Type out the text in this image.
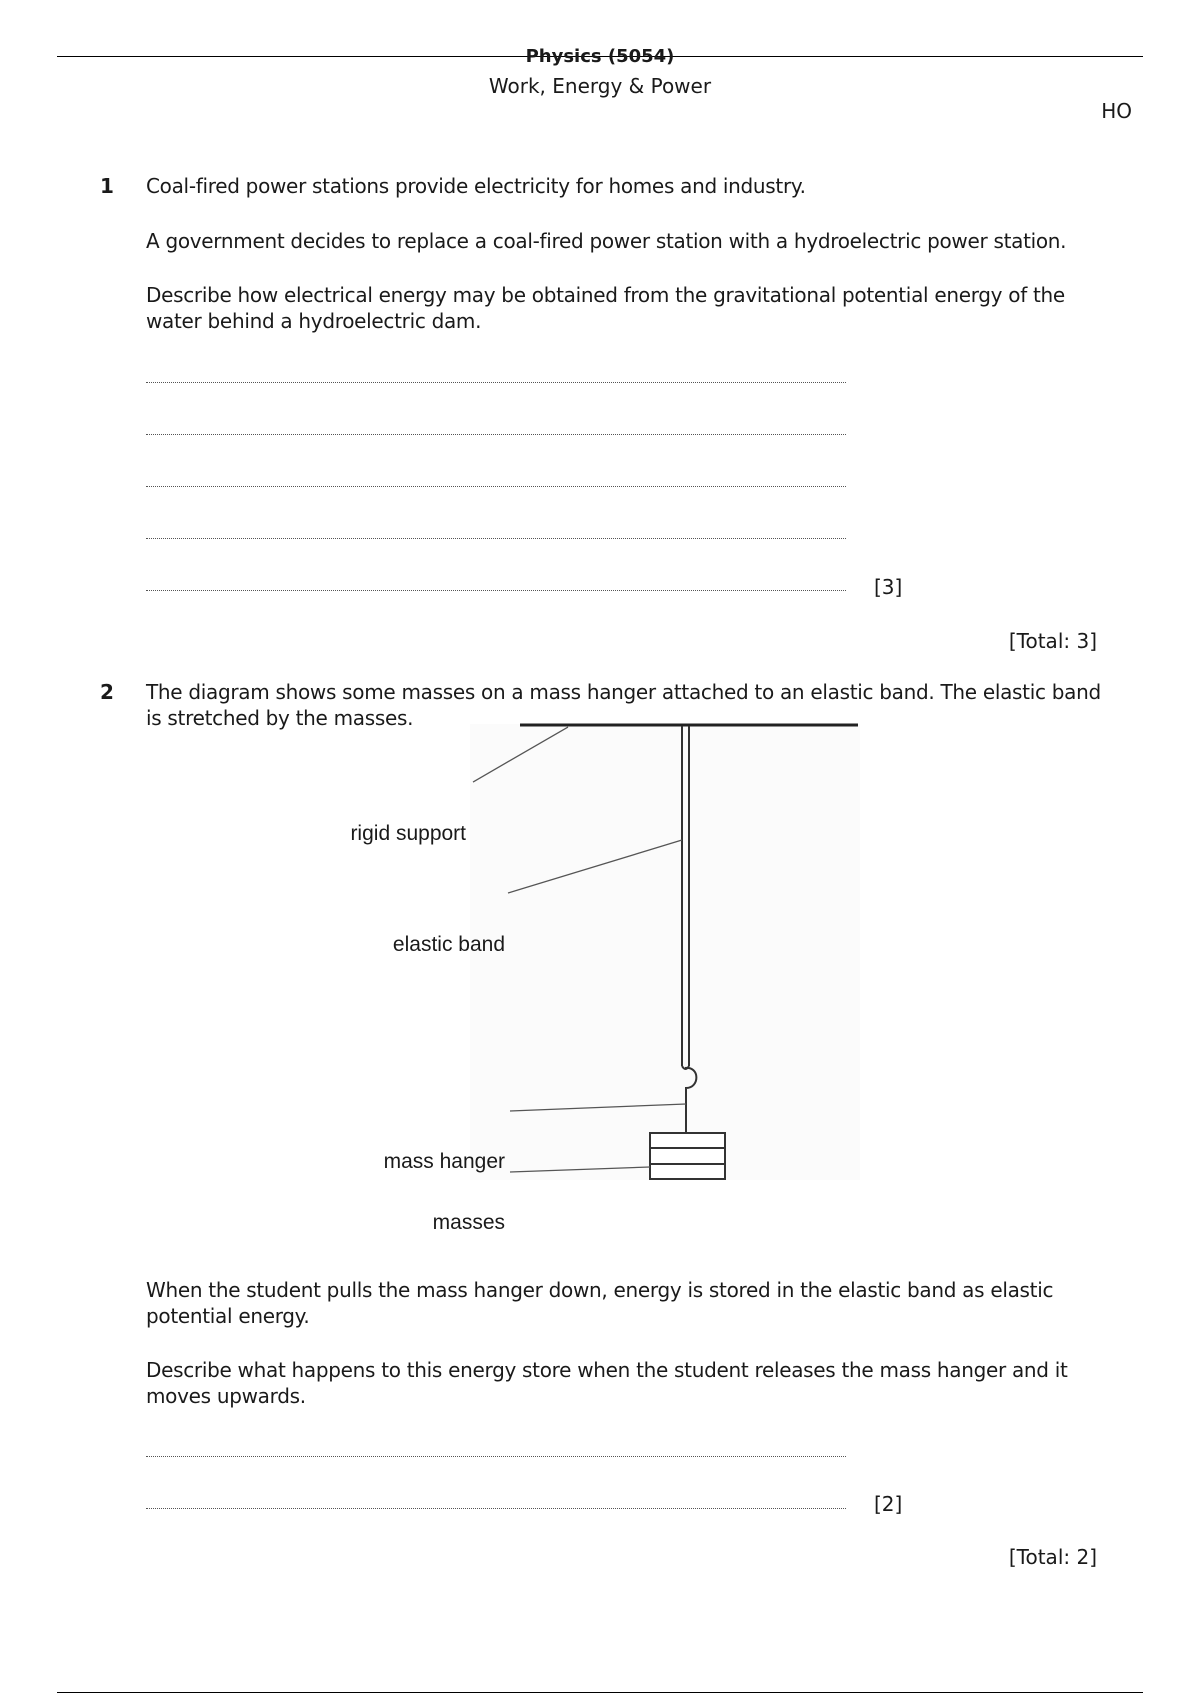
Physics (5054)
Work, Energy & Power
HO
1 Coal-fired power stations provide electricity for homes and industry.
A government decides to replace a coal-fired power station with a hydroelectric power station.
Describe how electrical energy may be obtained from the gravitational potential energy of the water behind a hydroelectric dam.
[3]
[Total: 3]
2 The diagram shows some masses on a mass hanger attached to an elastic band. The elastic band is stretched by the masses.
rigid support
elastic band
mass hanger
masses
When the student pulls the mass hanger down, energy is stored in the elastic band as elastic potential energy.
Describe what happens to this energy store when the student releases the mass hanger and it moves upwards.
[2]
[Total: 2]
